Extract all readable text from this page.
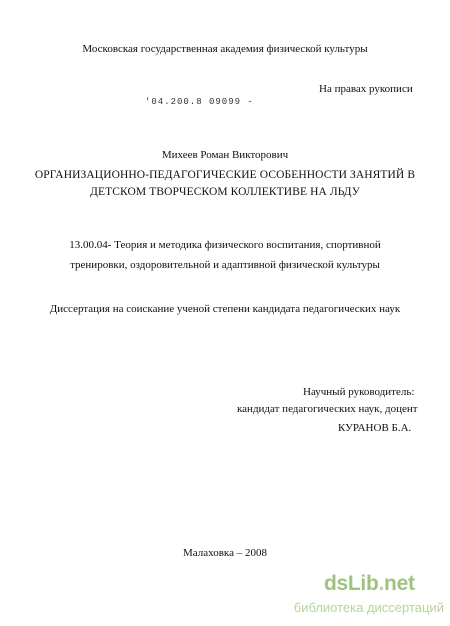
Московская государственная академия физической культуры
На правах рукописи
'04.200.8 09099 -
Михеев Роман Викторович
ОРГАНИЗАЦИОННО-ПЕДАГОГИЧЕСКИЕ ОСОБЕННОСТИ ЗАНЯТИЙ В
ДЕТСКОМ ТВОРЧЕСКОМ КОЛЛЕКТИВЕ НА ЛЬДУ
13.00.04- Теория и методика физического воспитания, спортивной
тренировки, оздоровительной и адаптивной физической культуры
Диссертация на соискание ученой степени кандидата педагогических наук
Научный руководитель:
кандидат педагогических наук, доцент
КУРАНОВ Б.А.
Малаховка – 2008
dsLib.net
библиотека диссертаций
